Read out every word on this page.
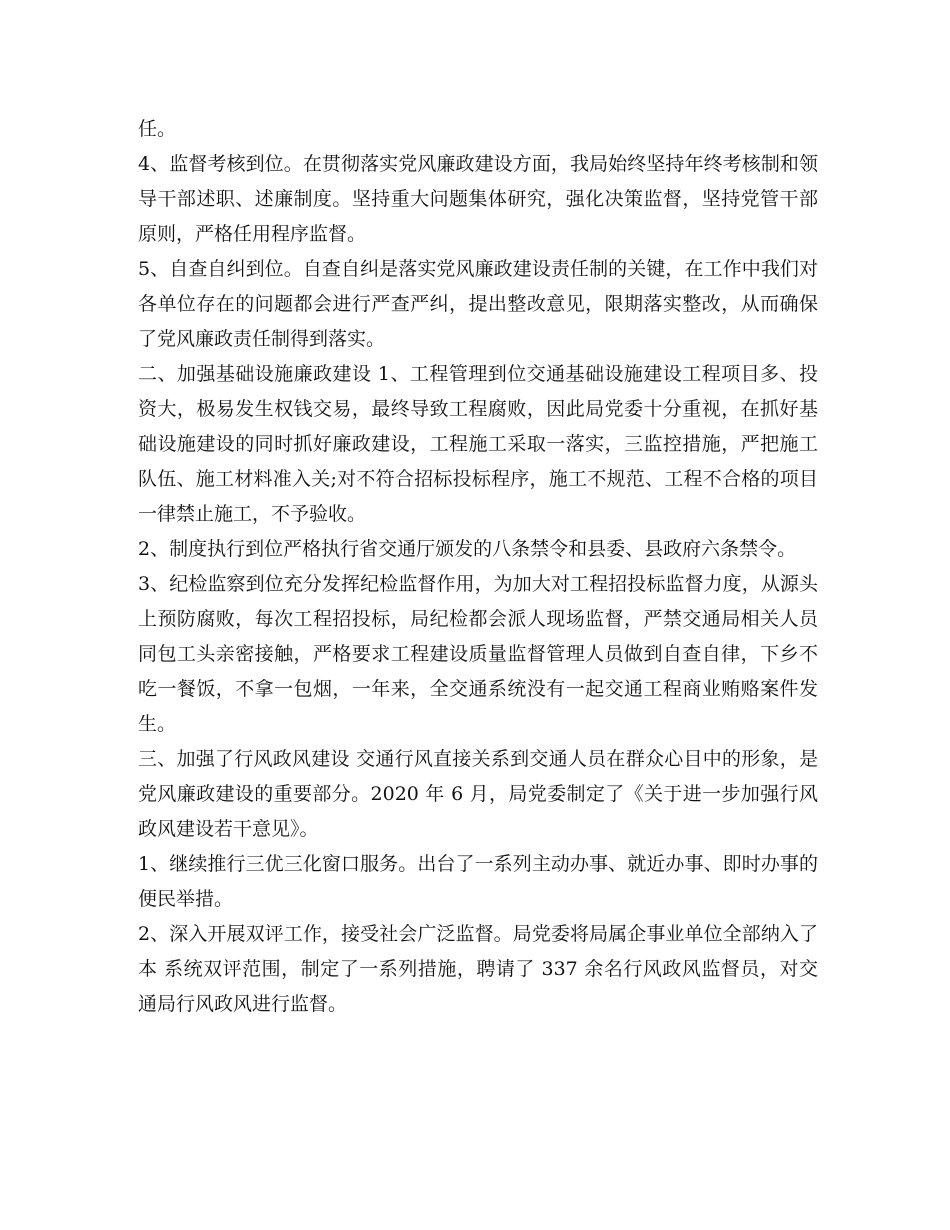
任。

4、监督考核到位。在贯彻落实党风廉政建设方面，我局始终坚持年终考核制和领导干部述职、述廉制度。坚持重大问题集体研究，强化决策监督，坚持党管干部原则，严格任用程序监督。

5、自查自纠到位。自查自纠是落实党风廉政建设责任制的关键，在工作中我们对各单位存在的问题都会进行严查严纠，提出整改意见，限期落实整改，从而确保了党风廉政责任制得到落实。

二、加强基础设施廉政建设 1、工程管理到位交通基础设施建设工程项目多、投资大，极易发生权钱交易，最终导致工程腐败，因此局党委十分重视，在抓好基础设施建设的同时抓好廉政建设，工程施工采取一落实，三监控措施，严把施工队伍、施工材料准入关;对不符合招标投标程序，施工不规范、工程不合格的项目一律禁止施工，不予验收。

2、制度执行到位严格执行省交通厅颁发的八条禁令和县委、县政府六条禁令。

3、纪检监察到位充分发挥纪检监督作用，为加大对工程招投标监督力度，从源头上预防腐败，每次工程招投标，局纪检都会派人现场监督，严禁交通局相关人员同包工头亲密接触，严格要求工程建设质量监督管理人员做到自查自律，下乡不吃一餐饭，不拿一包烟，一年来，全交通系统没有一起交通工程商业贿赂案件发生。

三、加强了行风政风建设 交通行风直接关系到交通人员在群众心目中的形象，是党风廉政建设的重要部分。2020 年 6 月，局党委制定了《关于进一步加强行风政风建设若干意见》。

1、继续推行三优三化窗口服务。出台了一系列主动办事、就近办事、即时办事的便民举措。

2、深入开展双评工作，接受社会广泛监督。局党委将局属企事业单位全部纳入了本 系统双评范围，制定了一系列措施，聘请了 337 余名行风政风监督员，对交通局行风政风进行监督。
